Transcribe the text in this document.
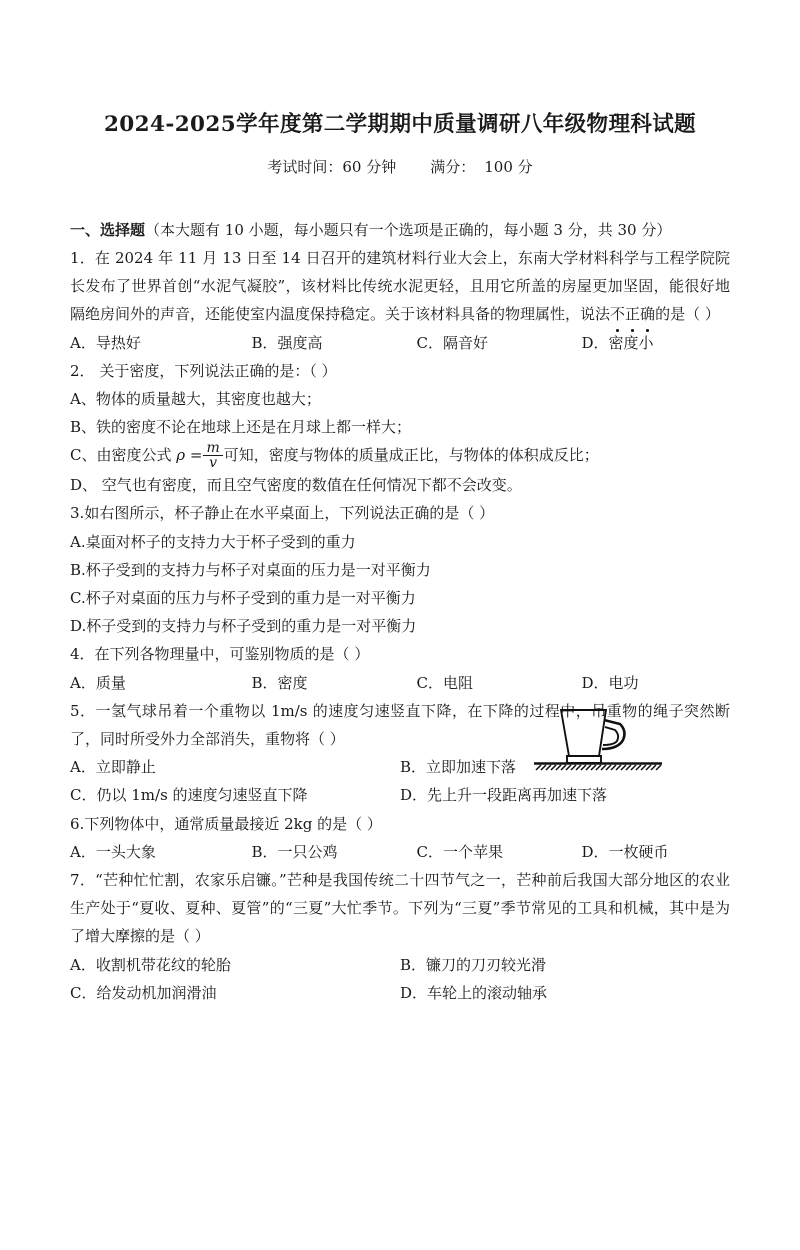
2024-2025学年度第二学期期中质量调研八年级物理科试题
考试时间：60 分钟 满分： 100 分
一、选择题（本大题有 10 小题，每小题只有一个选项是正确的，每小题 3 分，共 30 分）
1．在 2024 年 11 月 13 日至 14 日召开的建筑材料行业大会上，东南大学材料科学与工程学院院长发布了世界首创“水泥气凝胶”，该材料比传统水泥更轻，且用它所盖的房屋更加坚固，能很好地隔绝房间外的声音，还能使室内温度保持稳定。关于该材料具备的物理属性，说法不正确的是（ ）
A．导热好	B．强度高	C．隔音好	D．密度小
2． 关于密度，下列说法正确的是：（ ）
A、物体的质量越大，其密度也越大；
B、铁的密度不论在地球上还是在月球上都一样大；
C、由密度公式 $\rho = \frac{m}{v}$ 可知，密度与物体的质量成正比，与物体的体积成反比；
D、 空气也有密度，而且空气密度的数值在任何情况下都不会改变。
3.如右图所示，杯子静止在水平桌面上，下列说法正确的是（ ）
A.桌面对杯子的支持力大于杯子受到的重力
B.杯子受到的支持力与杯子对桌面的压力是一对平衡力
C.杯子对桌面的压力与杯子受到的重力是一对平衡力
D.杯子受到的支持力与杯子受到的重力是一对平衡力
4．在下列各物理量中，可鉴别物质的是（ ）
A．质量	B．密度	C．电阻	D．电功
5．一氢气球吊着一个重物以 1m/s 的速度匀速竖直下降，在下降的过程中，吊重物的绳子突然断了，同时所受外力全部消失，重物将（ ）
A．立即静止	B．立即加速下落
C．仍以 1m/s 的速度匀速竖直下降	D．先上升一段距离再加速下落
6.下列物体中，通常质量最接近 2kg 的是（ ）
A．一头大象	B．一只公鸡	C．一个苹果	D．一枚硬币
7．“芒种忙忙割，农家乐启镰。”芒种是我国传统二十四节气之一，芒种前后我国大部分地区的农业生产处于“夏收、夏种、夏管”的“三夏”大忙季节。下列为“三夏”季节常见的工具和机械，其中是为了增大摩擦的是（ ）
A．收割机带花纹的轮胎	B．镰刀的刀刃较光滑
C．给发动机加润滑油	D．车轮上的滚动轴承
